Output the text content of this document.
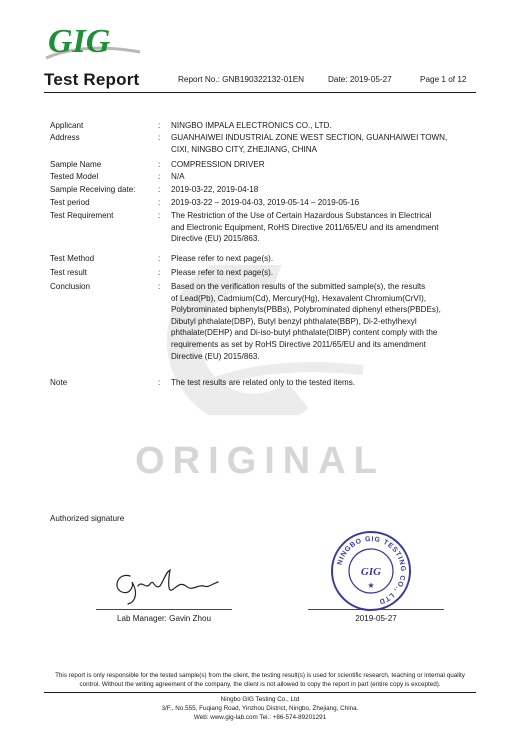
GIG
Test Report	Report No.: GNB190322132-01EN	Date: 2019-05-27	Page 1 of 12
Applicant	: NINGBO IMPALA ELECTRONICS CO., LTD.
Address	: GUANHAIWEI INDUSTRIAL ZONE WEST SECTION, GUANHAIWEI TOWN,
CIXI, NINGBO CITY, ZHEJIANG, CHINA
Sample Name	: COMPRESSION DRIVER
Tested Model	: N/A
Sample Receiving date:	: 2019-03-22, 2019-04-18
Test period	: 2019-03-22 – 2019-04-03, 2019-05-14 – 2019-05-16
Test Requirement	: The Restriction of the Use of Certain Hazardous Substances in Electrical
and Electronic Equipment, RoHS Directive 2011/65/EU and its amendment
Directive (EU) 2015/863.
Test Method	: Please refer to next page(s).
Test result	: Please refer to next page(s).
Conclusion	: Based on the verification results of the submitted sample(s), the results
of Lead(Pb), Cadmium(Cd), Mercury(Hg), Hexavalent Chromium(CrVI),
Polybrominated biphenyls(PBBs), Polybrominated diphenyl ethers(PBDEs),
Dibutyl phthalate(DBP), Butyl benzyl phthalate(BBP), Di-2-ethylhexyl
phthalate(DEHP) and Di-iso-butyl phthalate(DIBP) content comply with the
requirements as set by RoHS Directive 2011/65/EU and its amendment
Directive (EU) 2015/863.
Note	: The test results are related only to the tested items.
ORIGINAL
Authorized signature
NINGBO GIG TESTING CO., LTD
GIG
★
Lab Manager: Gavin Zhou	2019-05-27
This report is only responsible for the tested sample(s) from the client, the testing result(s) is used for scientific research, teaching or internal quality control. Without the writing agreement of the company, the client is not allowed to copy the report in part (entire copy is excepted).
Ningbo GIG Testing Co., Ltd
3/F., No.555, Fuqiang Road, Yinzhou District, Ningbo, Zhejiang, China.
Web: www.gig-lab.com Tel.: +86-574-89201291
